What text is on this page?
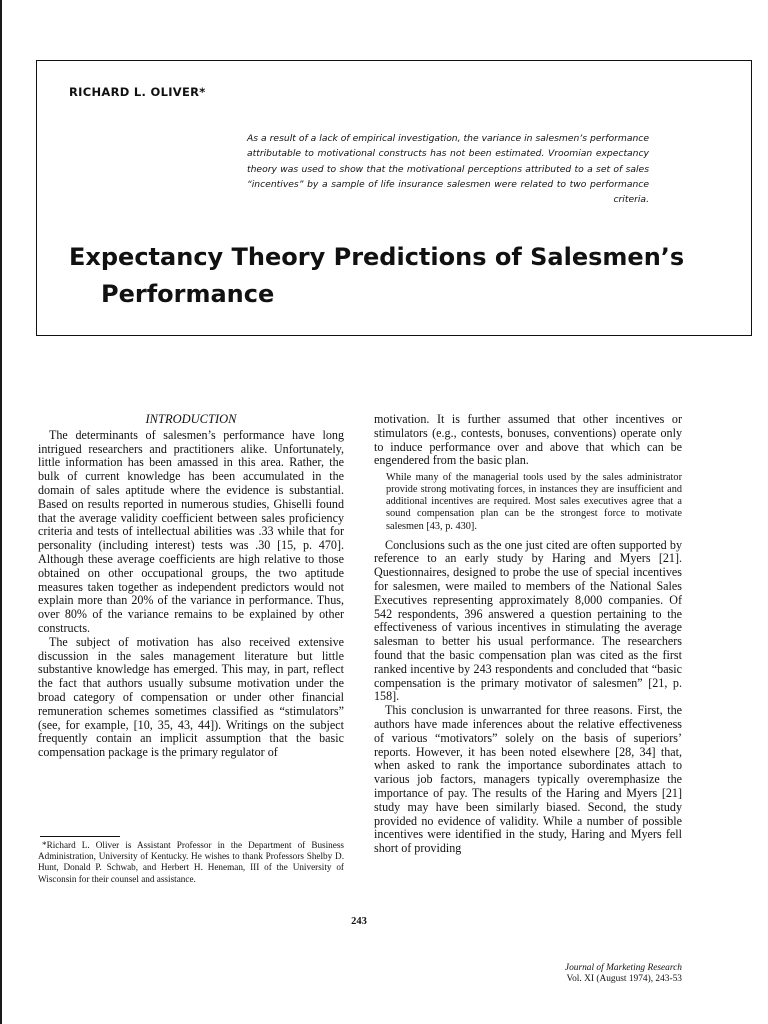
RICHARD L. OLIVER*
As a result of a lack of empirical investigation, the variance in salesmen’s performance attributable to motivational constructs has not been estimated. Vroomian expectancy theory was used to show that the motivational perceptions attributed to a set of sales “incentives” by a sample of life insurance salesmen were related to two performance criteria.
Expectancy Theory Predictions of Salesmen’s
Performance
INTRODUCTION

The determinants of salesmen’s performance have long intrigued researchers and practitioners alike. Unfortunately, little information has been amassed in this area. Rather, the bulk of current knowledge has been accumulated in the domain of sales aptitude where the evidence is substantial. Based on results reported in numerous studies, Ghiselli found that the average validity coefficient between sales proficiency criteria and tests of intellectual abilities was .33 while that for personality (including interest) tests was .30 [15, p. 470]. Although these average coefficients are high relative to those obtained on other occupational groups, the two aptitude measures taken together as independent predictors would not explain more than 20% of the variance in performance. Thus, over 80% of the variance remains to be explained by other constructs.

The subject of motivation has also received extensive discussion in the sales management literature but little substantive knowledge has emerged. This may, in part, reflect the fact that authors usually subsume motivation under the broad category of compensation or under other financial remuneration schemes sometimes classified as “stimulators” (see, for example, [10, 35, 43, 44]). Writings on the subject frequently contain an implicit assumption that the basic compensation package is the primary regulator of

motivation. It is further assumed that other incentives or stimulators (e.g., contests, bonuses, conventions) operate only to induce performance over and above that which can be engendered from the basic plan.

While many of the managerial tools used by the sales administrator provide strong motivating forces, in instances they are insufficient and additional incentives are required. Most sales executives agree that a sound compensation plan can be the strongest force to motivate salesmen [43, p. 430].

Conclusions such as the one just cited are often supported by reference to an early study by Haring and Myers [21]. Questionnaires, designed to probe the use of special incentives for salesmen, were mailed to members of the National Sales Executives representing approximately 8,000 companies. Of 542 respondents, 396 answered a question pertaining to the effectiveness of various incentives in stimulating the average salesman to better his usual performance. The researchers found that the basic compensation plan was cited as the first ranked incentive by 243 respondents and concluded that “basic compensation is the primary motivator of salesmen” [21, p. 158].

This conclusion is unwarranted for three reasons. First, the authors have made inferences about the relative effectiveness of various “motivators” solely on the basis of superiors’ reports. However, it has been noted elsewhere [28, 34] that, when asked to rank the importance subordinates attach to various job factors, managers typically overemphasize the importance of pay. The results of the Haring and Myers [21] study may have been similarly biased. Second, the study provided no evidence of validity. While a number of possible incentives were identified in the study, Haring and Myers fell short of providing

*Richard L. Oliver is Assistant Professor in the Department of Business Administration, University of Kentucky. He wishes to thank Professors Shelby D. Hunt, Donald P. Schwab, and Herbert H. Heneman, III of the University of Wisconsin for their counsel and assistance.

243
Journal of Marketing Research
Vol. XI (August 1974), 243-53
